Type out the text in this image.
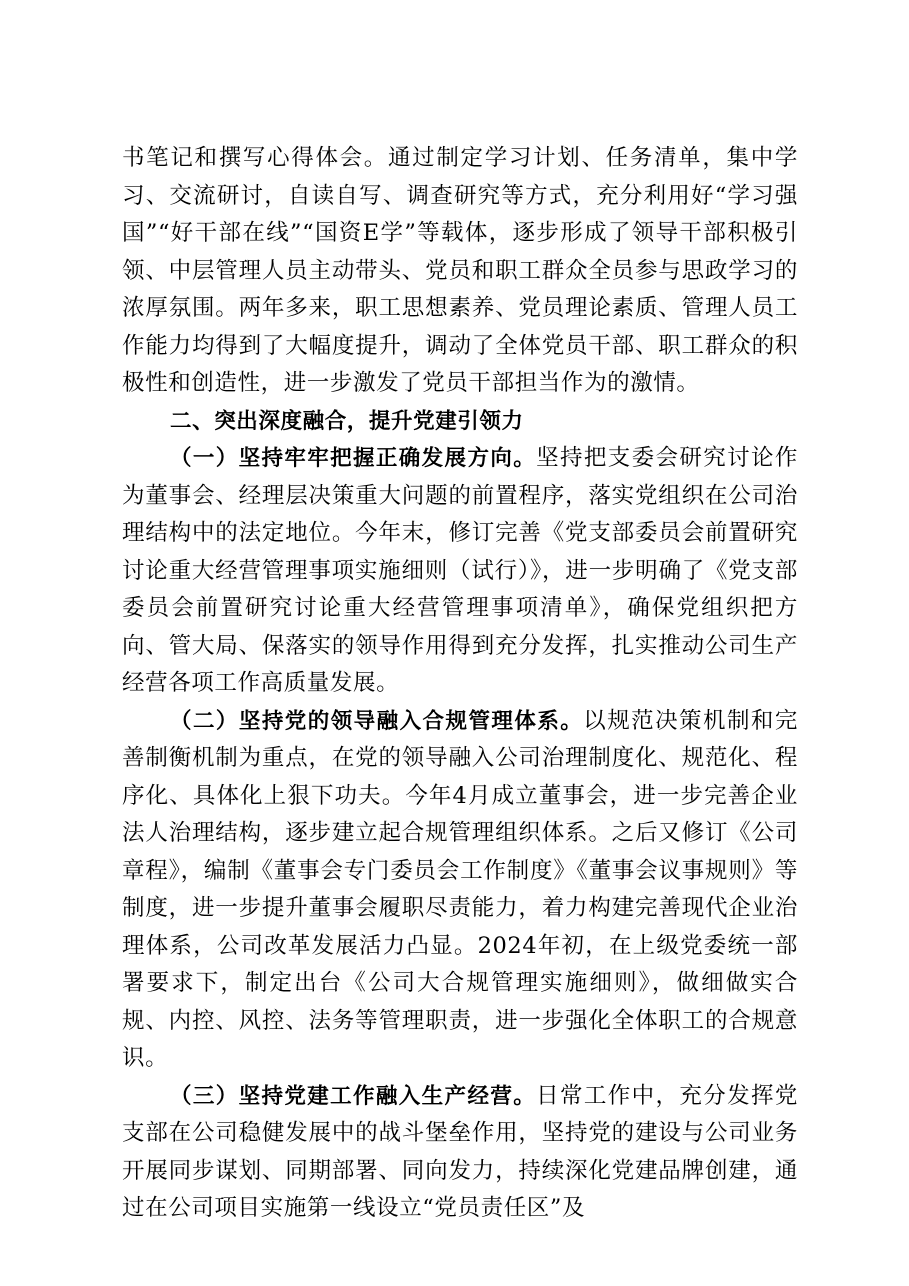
书笔记和撰写心得体会。通过制定学习计划、任务清单，集中学习、交流研讨，自读自写、调查研究等方式，充分利用好“学习强国”“好干部在线”“国资E学”等载体，逐步形成了领导干部积极引领、中层管理人员主动带头、党员和职工群众全员参与思政学习的浓厚氛围。两年多来，职工思想素养、党员理论素质、管理人员工作能力均得到了大幅度提升，调动了全体党员干部、职工群众的积极性和创造性，进一步激发了党员干部担当作为的激情。

二、突出深度融合，提升党建引领力

（一）坚持牢牢把握正确发展方向。坚持把支委会研究讨论作为董事会、经理层决策重大问题的前置程序，落实党组织在公司治理结构中的法定地位。今年末，修订完善《党支部委员会前置研究讨论重大经营管理事项实施细则（试行）》，进一步明确了《党支部委员会前置研究讨论重大经营管理事项清单》，确保党组织把方向、管大局、保落实的领导作用得到充分发挥，扎实推动公司生产经营各项工作高质量发展。

（二）坚持党的领导融入合规管理体系。以规范决策机制和完善制衡机制为重点，在党的领导融入公司治理制度化、规范化、程序化、具体化上狠下功夫。今年4月成立董事会，进一步完善企业法人治理结构，逐步建立起合规管理组织体系。之后又修订《公司章程》，编制《董事会专门委员会工作制度》《董事会议事规则》等制度，进一步提升董事会履职尽责能力，着力构建完善现代企业治理体系，公司改革发展活力凸显。2024年初，在上级党委统一部署要求下，制定出台《公司大合规管理实施细则》，做细做实合规、内控、风控、法务等管理职责，进一步强化全体职工的合规意识。

（三）坚持党建工作融入生产经营。日常工作中，充分发挥党支部在公司稳健发展中的战斗堡垒作用，坚持党的建设与公司业务开展同步谋划、同期部署、同向发力，持续深化党建品牌创建，通过在公司项目实施第一线设立“党员责任区”及
